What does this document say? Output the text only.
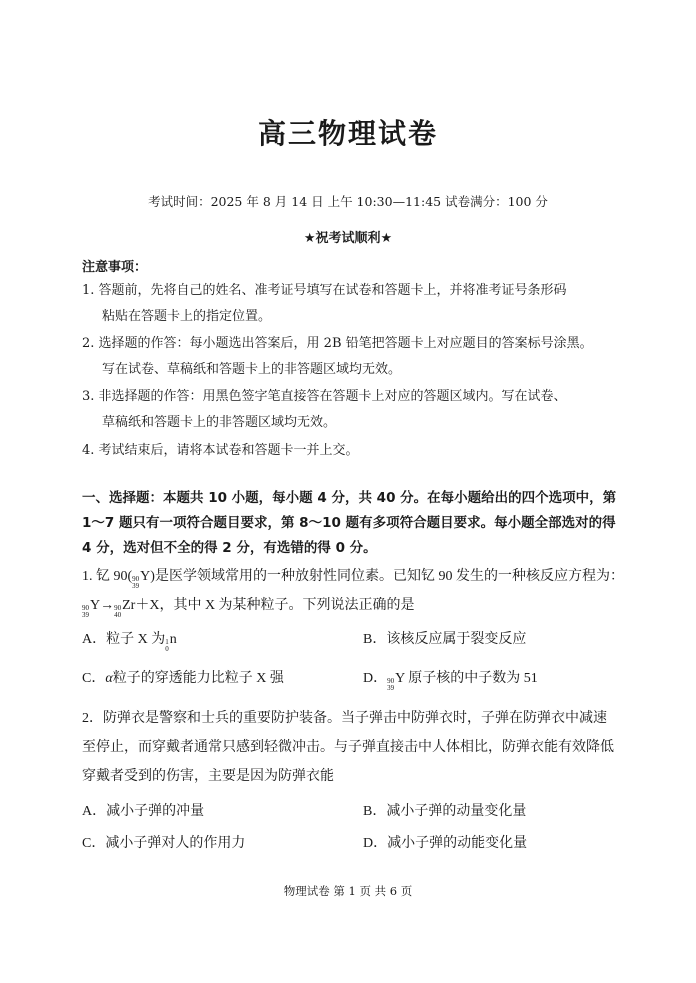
高三物理试卷
考试时间：2025 年 8 月 14 日 上午 10:30—11:45 试卷满分：100 分
★祝考试顺利★
注意事项：
1. 答题前，先将自己的姓名、准考证号填写在试卷和答题卡上，并将准考证号条形码
粘贴在答题卡上的指定位置。
2. 选择题的作答：每小题选出答案后，用 2B 铅笔把答题卡上对应题目的答案标号涂黑。
写在试卷、草稿纸和答题卡上的非答题区域均无效。
3. 非选择题的作答：用黑色签字笔直接答在答题卡上对应的答题区域内。写在试卷、
草稿纸和答题卡上的非答题区域均无效。
4. 考试结束后，请将本试卷和答题卡一并上交。
一、选择题：本题共 10 小题，每小题 4 分，共 40 分。在每小题给出的四个选项中，第
1～7 题只有一项符合题目要求，第 8～10 题有多项符合题目要求。每小题全部选对的得
4 分，选对但不全的得 2 分，有选错的得 0 分。
1. 钇 90( 90
39
Y)是医学领域常用的一种放射性同位素。已知钇 90 发生的一种核反应方程为：
90
39
Y→ 90
40
Zr＋X，其中 X 为某种粒子。下列说法正确的是
A．粒子 X 为 1
0
n	B．该核反应属于裂变反应
C．α粒子的穿透能力比粒子 X 强	D． 90
39
Y 原子核的中子数为 51
2．防弹衣是警察和士兵的重要防护装备。当子弹击中防弹衣时，子弹在防弹衣中减速
至停止，而穿戴者通常只感到轻微冲击。与子弹直接击中人体相比，防弹衣能有效降低
穿戴者受到的伤害，主要是因为防弹衣能
A．减小子弹的冲量	B．减小子弹的动量变化量
C．减小子弹对人的作用力	D．减小子弹的动能变化量
物理试卷 第 1 页 共 6 页
